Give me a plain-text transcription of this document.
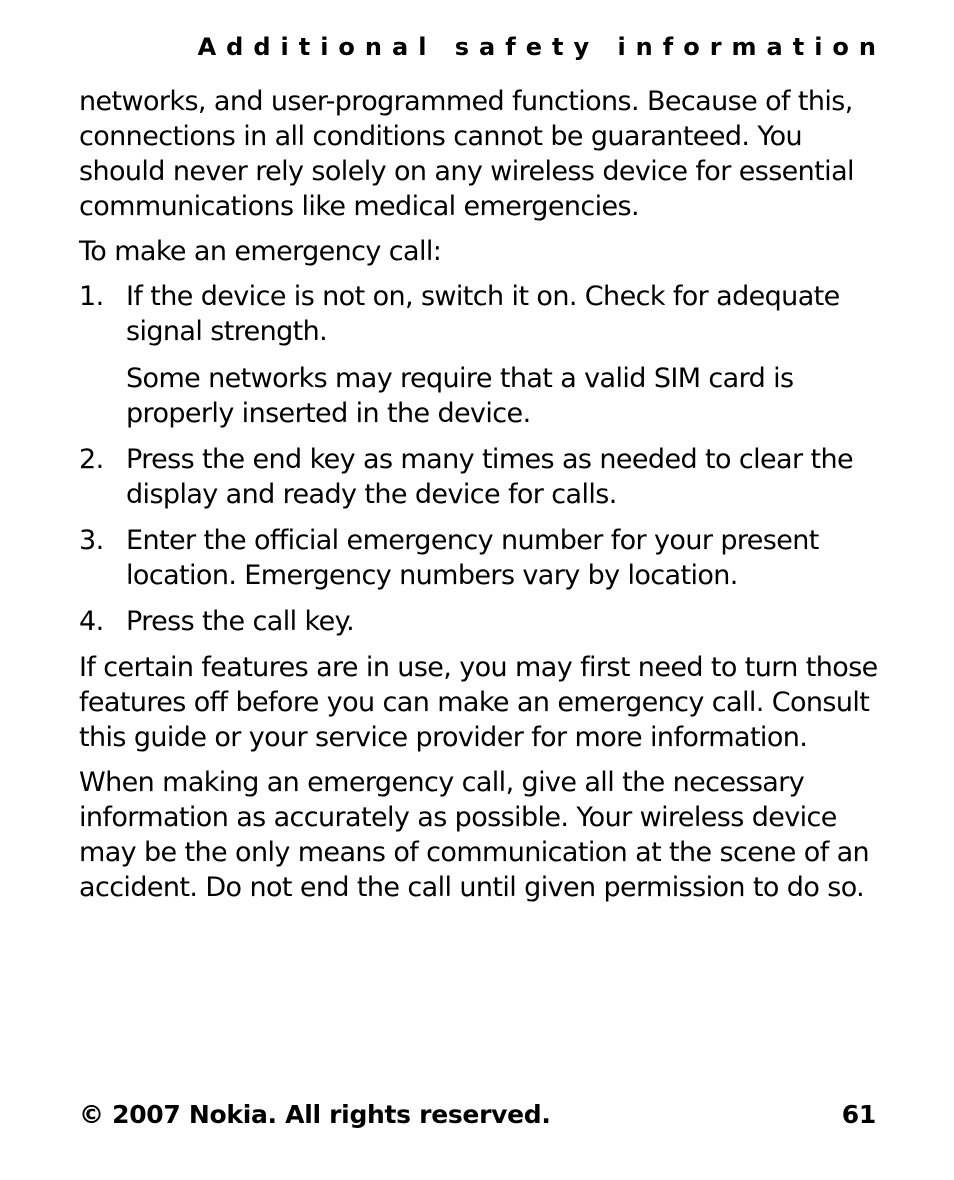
Additional safety information

networks, and user-programmed functions. Because of this, connections in all conditions cannot be guaranteed. You should never rely solely on any wireless device for essential communications like medical emergencies.

To make an emergency call:

1. If the device is not on, switch it on. Check for adequate signal strength.
Some networks may require that a valid SIM card is properly inserted in the device.
2. Press the end key as many times as needed to clear the display and ready the device for calls.
3. Enter the official emergency number for your present location. Emergency numbers vary by location.
4. Press the call key.

If certain features are in use, you may first need to turn those features off before you can make an emergency call. Consult this guide or your service provider for more information.

When making an emergency call, give all the necessary information as accurately as possible. Your wireless device may be the only means of communication at the scene of an accident. Do not end the call until given permission to do so.

© 2007 Nokia. All rights reserved.	61
